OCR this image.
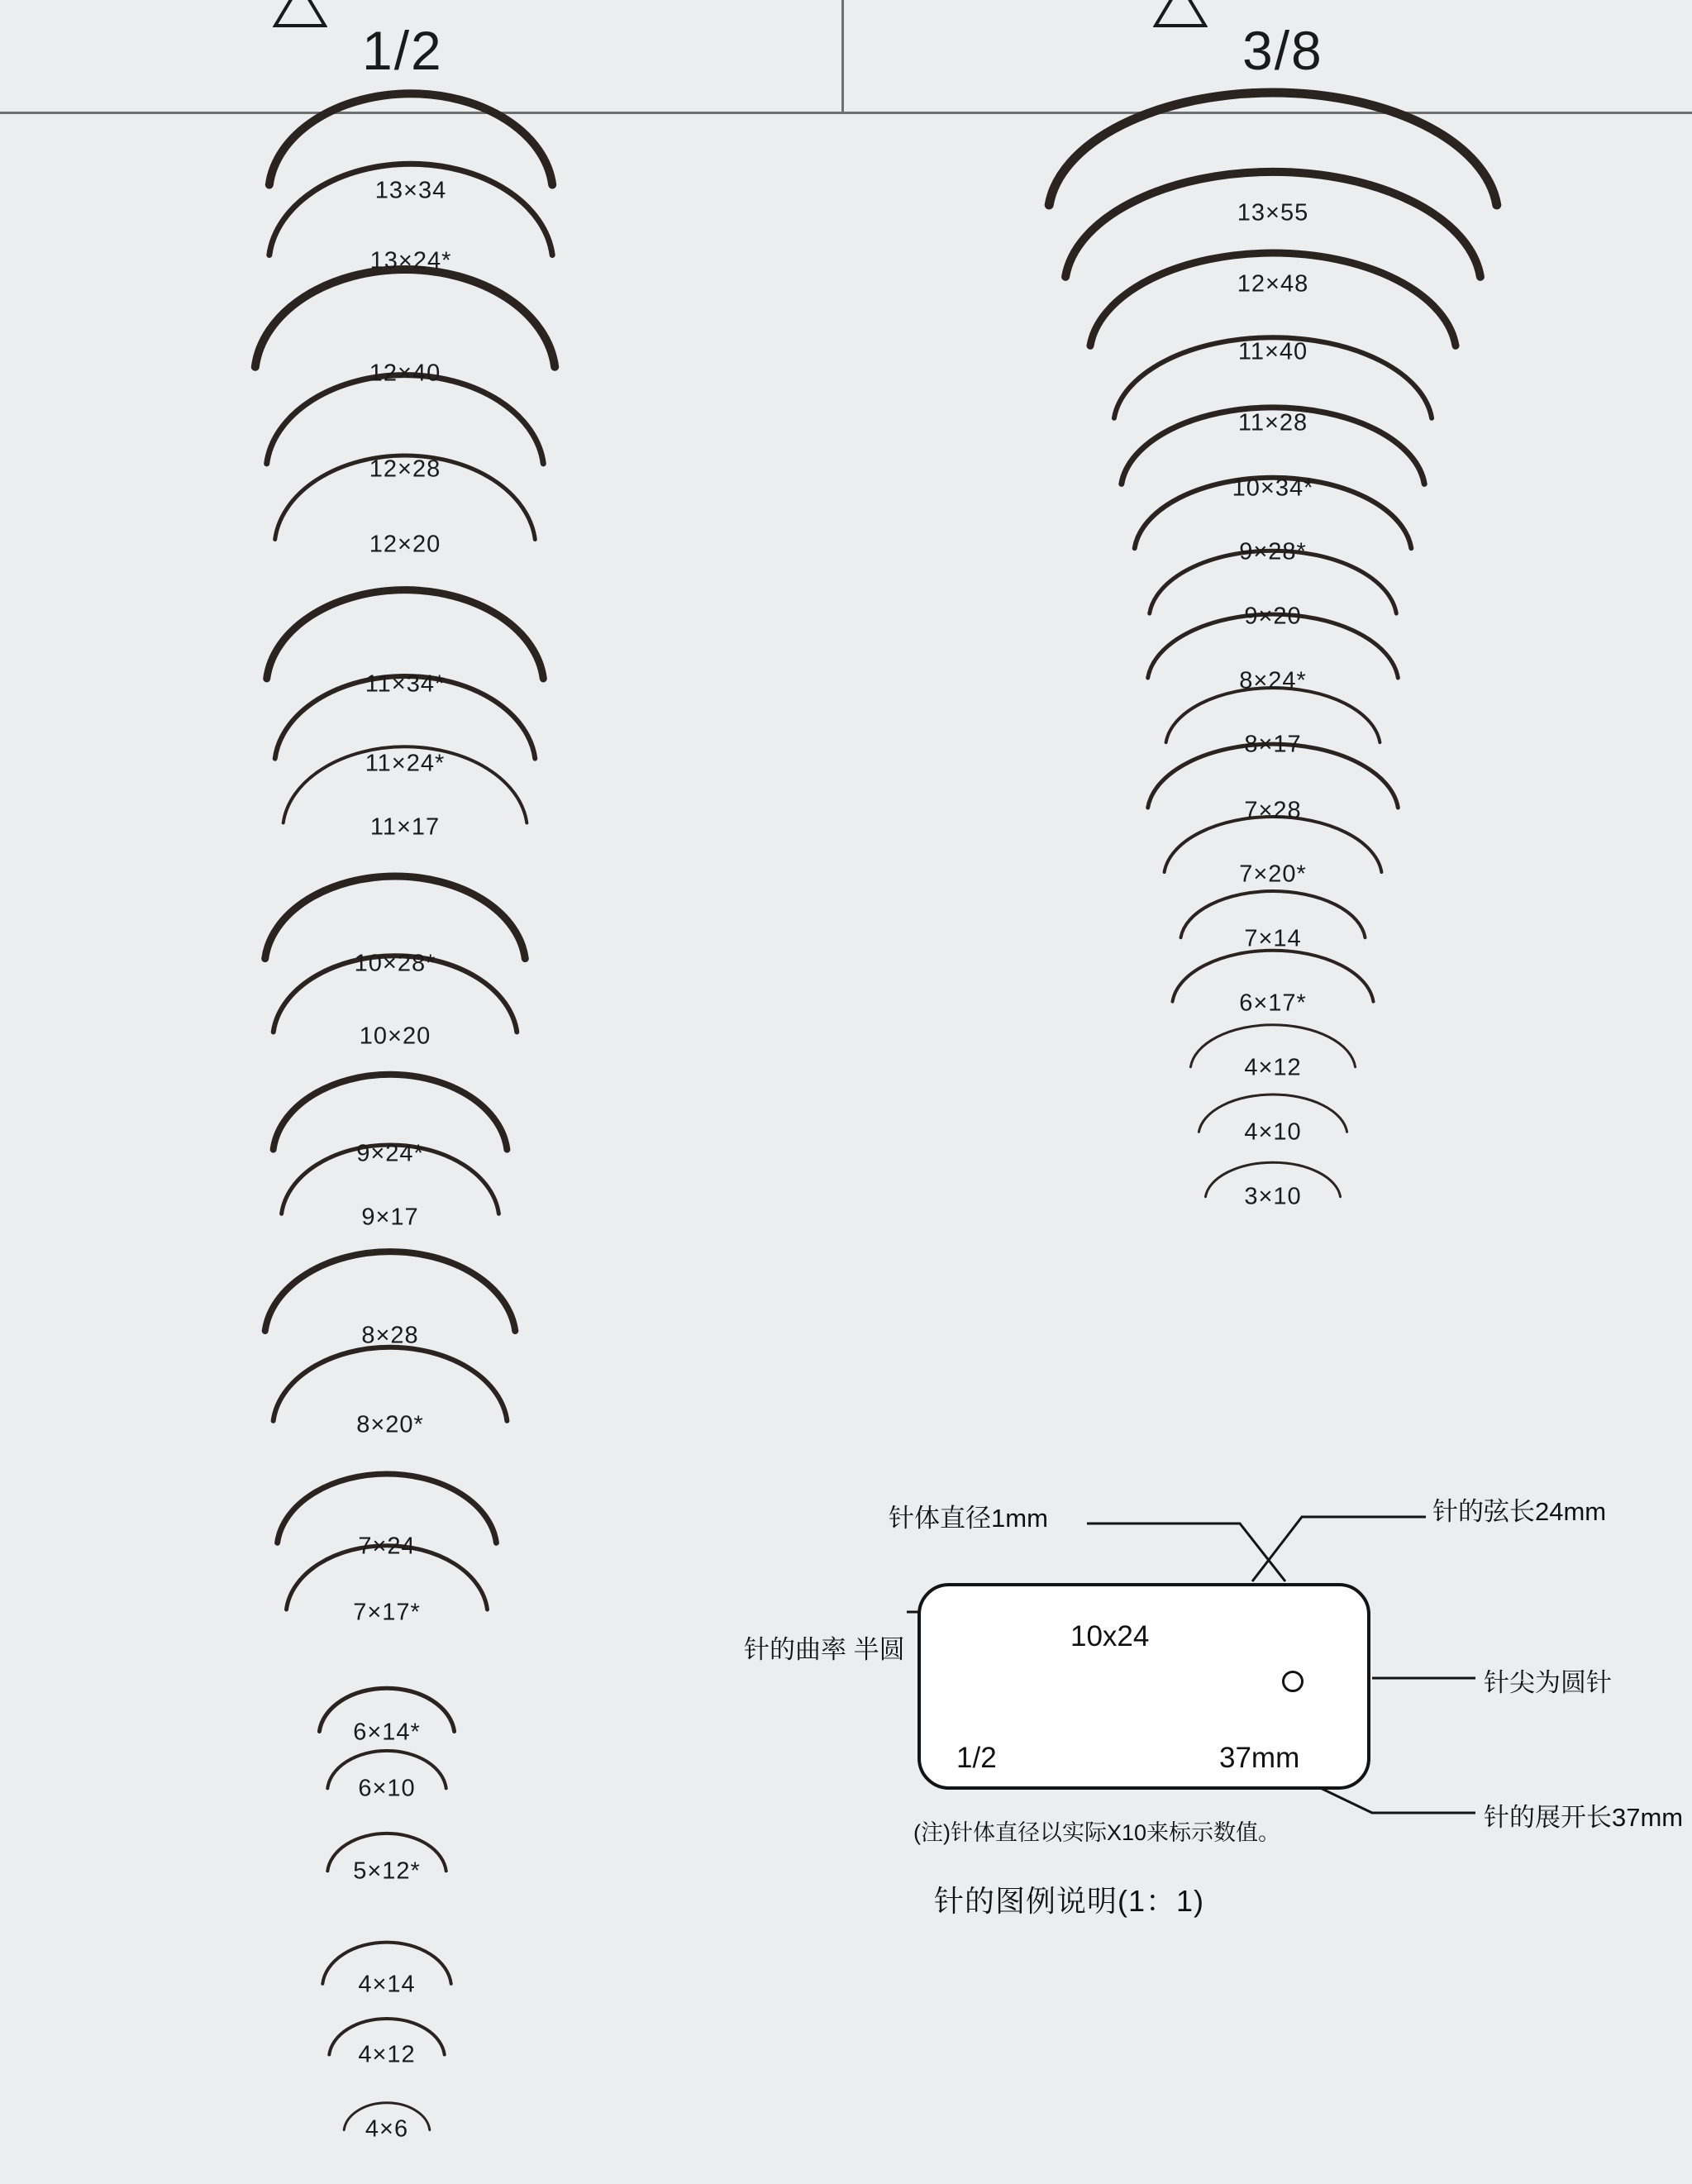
1/2	3/8
13×34
13×24*
12×40
12×28
12×20
11×34*
11×24*
11×17
10×28*
10×20
9×24*
9×17
8×28
8×20*
7×24
7×17*
6×14*
6×10
5×12*
4×14
4×12
4×6
13×55
12×48
11×40
11×28
10×34*
9×28*
9×20
8×24*
8×17
7×28
7×20*
7×14
6×17*
4×12
4×10
3×10
针体直径1mm	针的弦长24mm
针的曲率 半圆
针尖为圆针
针的展开长37mm
10x24
1/2	37mm
(注)针体直径以实际X10来标示数值。
针的图例说明(1：1)
